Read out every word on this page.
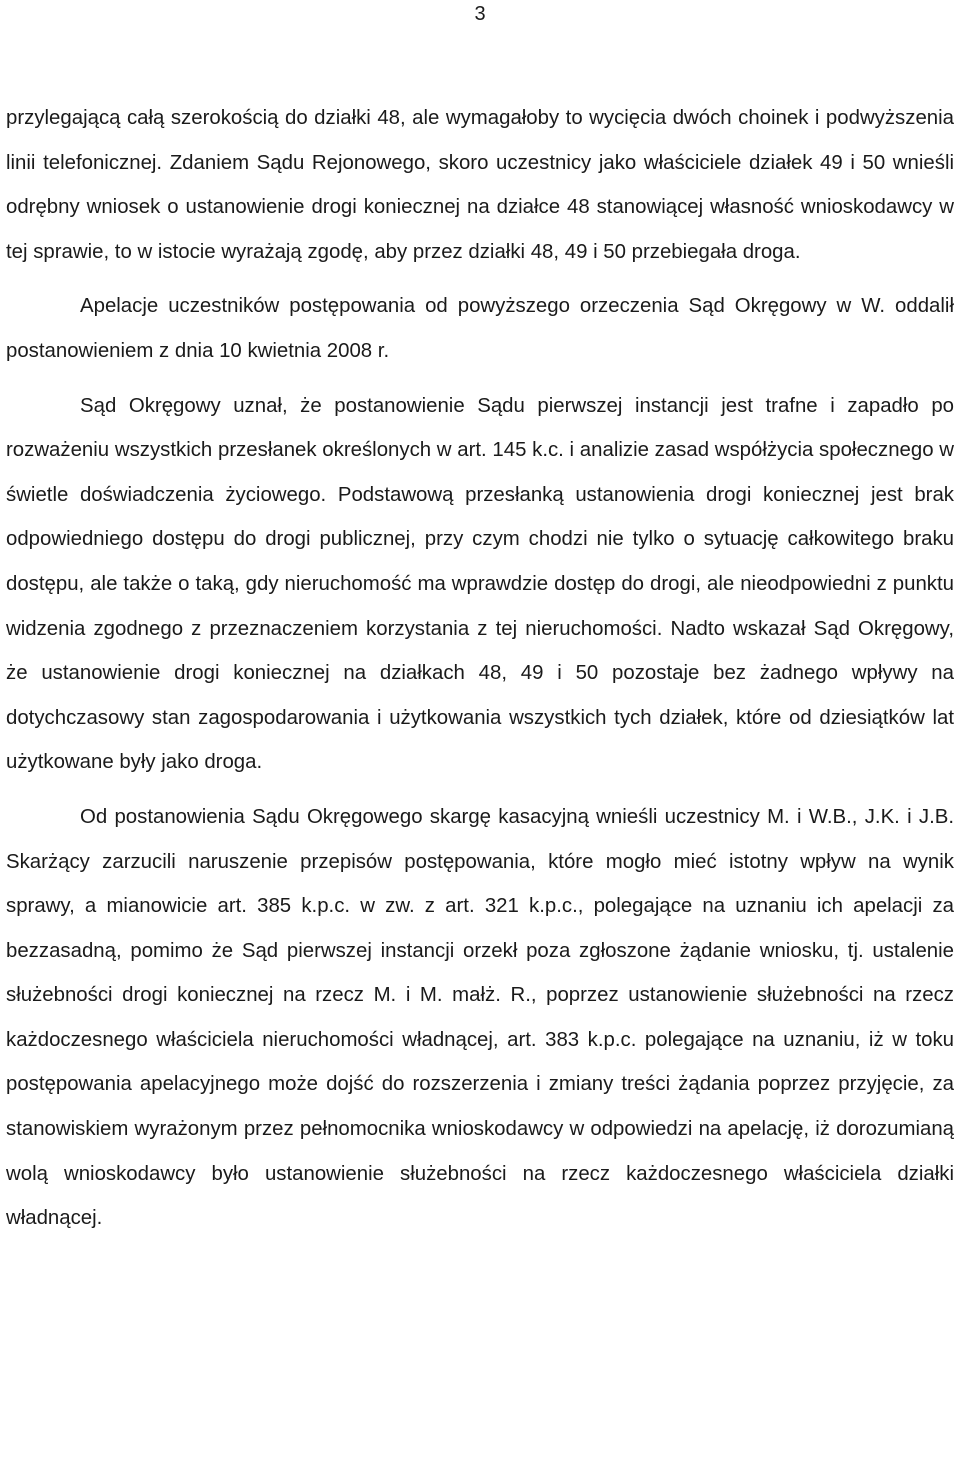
3

przylegającą całą szerokością do działki 48, ale wymagałoby to wycięcia dwóch choinek i podwyższenia linii telefonicznej. Zdaniem Sądu Rejonowego, skoro uczestnicy jako właściciele działek 49 i 50 wnieśli odrębny wniosek o ustanowienie drogi koniecznej na działce 48 stanowiącej własność wnioskodawcy w tej sprawie, to w istocie wyrażają zgodę, aby przez działki 48, 49 i 50 przebiegała droga.

Apelacje uczestników postępowania od powyższego orzeczenia Sąd Okręgowy w W. oddalił postanowieniem z dnia 10 kwietnia 2008 r.

Sąd Okręgowy uznał, że postanowienie Sądu pierwszej instancji jest trafne i zapadło po rozważeniu wszystkich przesłanek określonych w art. 145 k.c. i analizie zasad współżycia społecznego w świetle doświadczenia życiowego. Podstawową przesłanką ustanowienia drogi koniecznej jest brak odpowiedniego dostępu do drogi publicznej, przy czym chodzi nie tylko o sytuację całkowitego braku dostępu, ale także o taką, gdy nieruchomość ma wprawdzie dostęp do drogi, ale nieodpowiedni z punktu widzenia zgodnego z przeznaczeniem korzystania z tej nieruchomości. Nadto wskazał Sąd Okręgowy, że ustanowienie drogi koniecznej na działkach 48, 49 i 50 pozostaje bez żadnego wpływy na dotychczasowy stan zagospodarowania i użytkowania wszystkich tych działek, które od dziesiątków lat użytkowane były jako droga.

Od postanowienia Sądu Okręgowego skargę kasacyjną wnieśli uczestnicy M. i W.B., J.K. i J.B. Skarżący zarzucili naruszenie przepisów postępowania, które mogło mieć istotny wpływ na wynik sprawy, a mianowicie art. 385 k.p.c. w zw. z art. 321 k.p.c., polegające na uznaniu ich apelacji za bezzasadną, pomimo że Sąd pierwszej instancji orzekł poza zgłoszone żądanie wniosku, tj. ustalenie służebności drogi koniecznej na rzecz M. i M. małż. R., poprzez ustanowienie służebności na rzecz każdoczesnego właściciela nieruchomości władnącej, art. 383 k.p.c. polegające na uznaniu, iż w toku postępowania apelacyjnego może dojść do rozszerzenia i zmiany treści żądania poprzez przyjęcie, za stanowiskiem wyrażonym przez pełnomocnika wnioskodawcy w odpowiedzi na apelację, iż dorozumianą wolą wnioskodawcy było ustanowienie służebności na rzecz każdoczesnego właściciela działki władnącej.
